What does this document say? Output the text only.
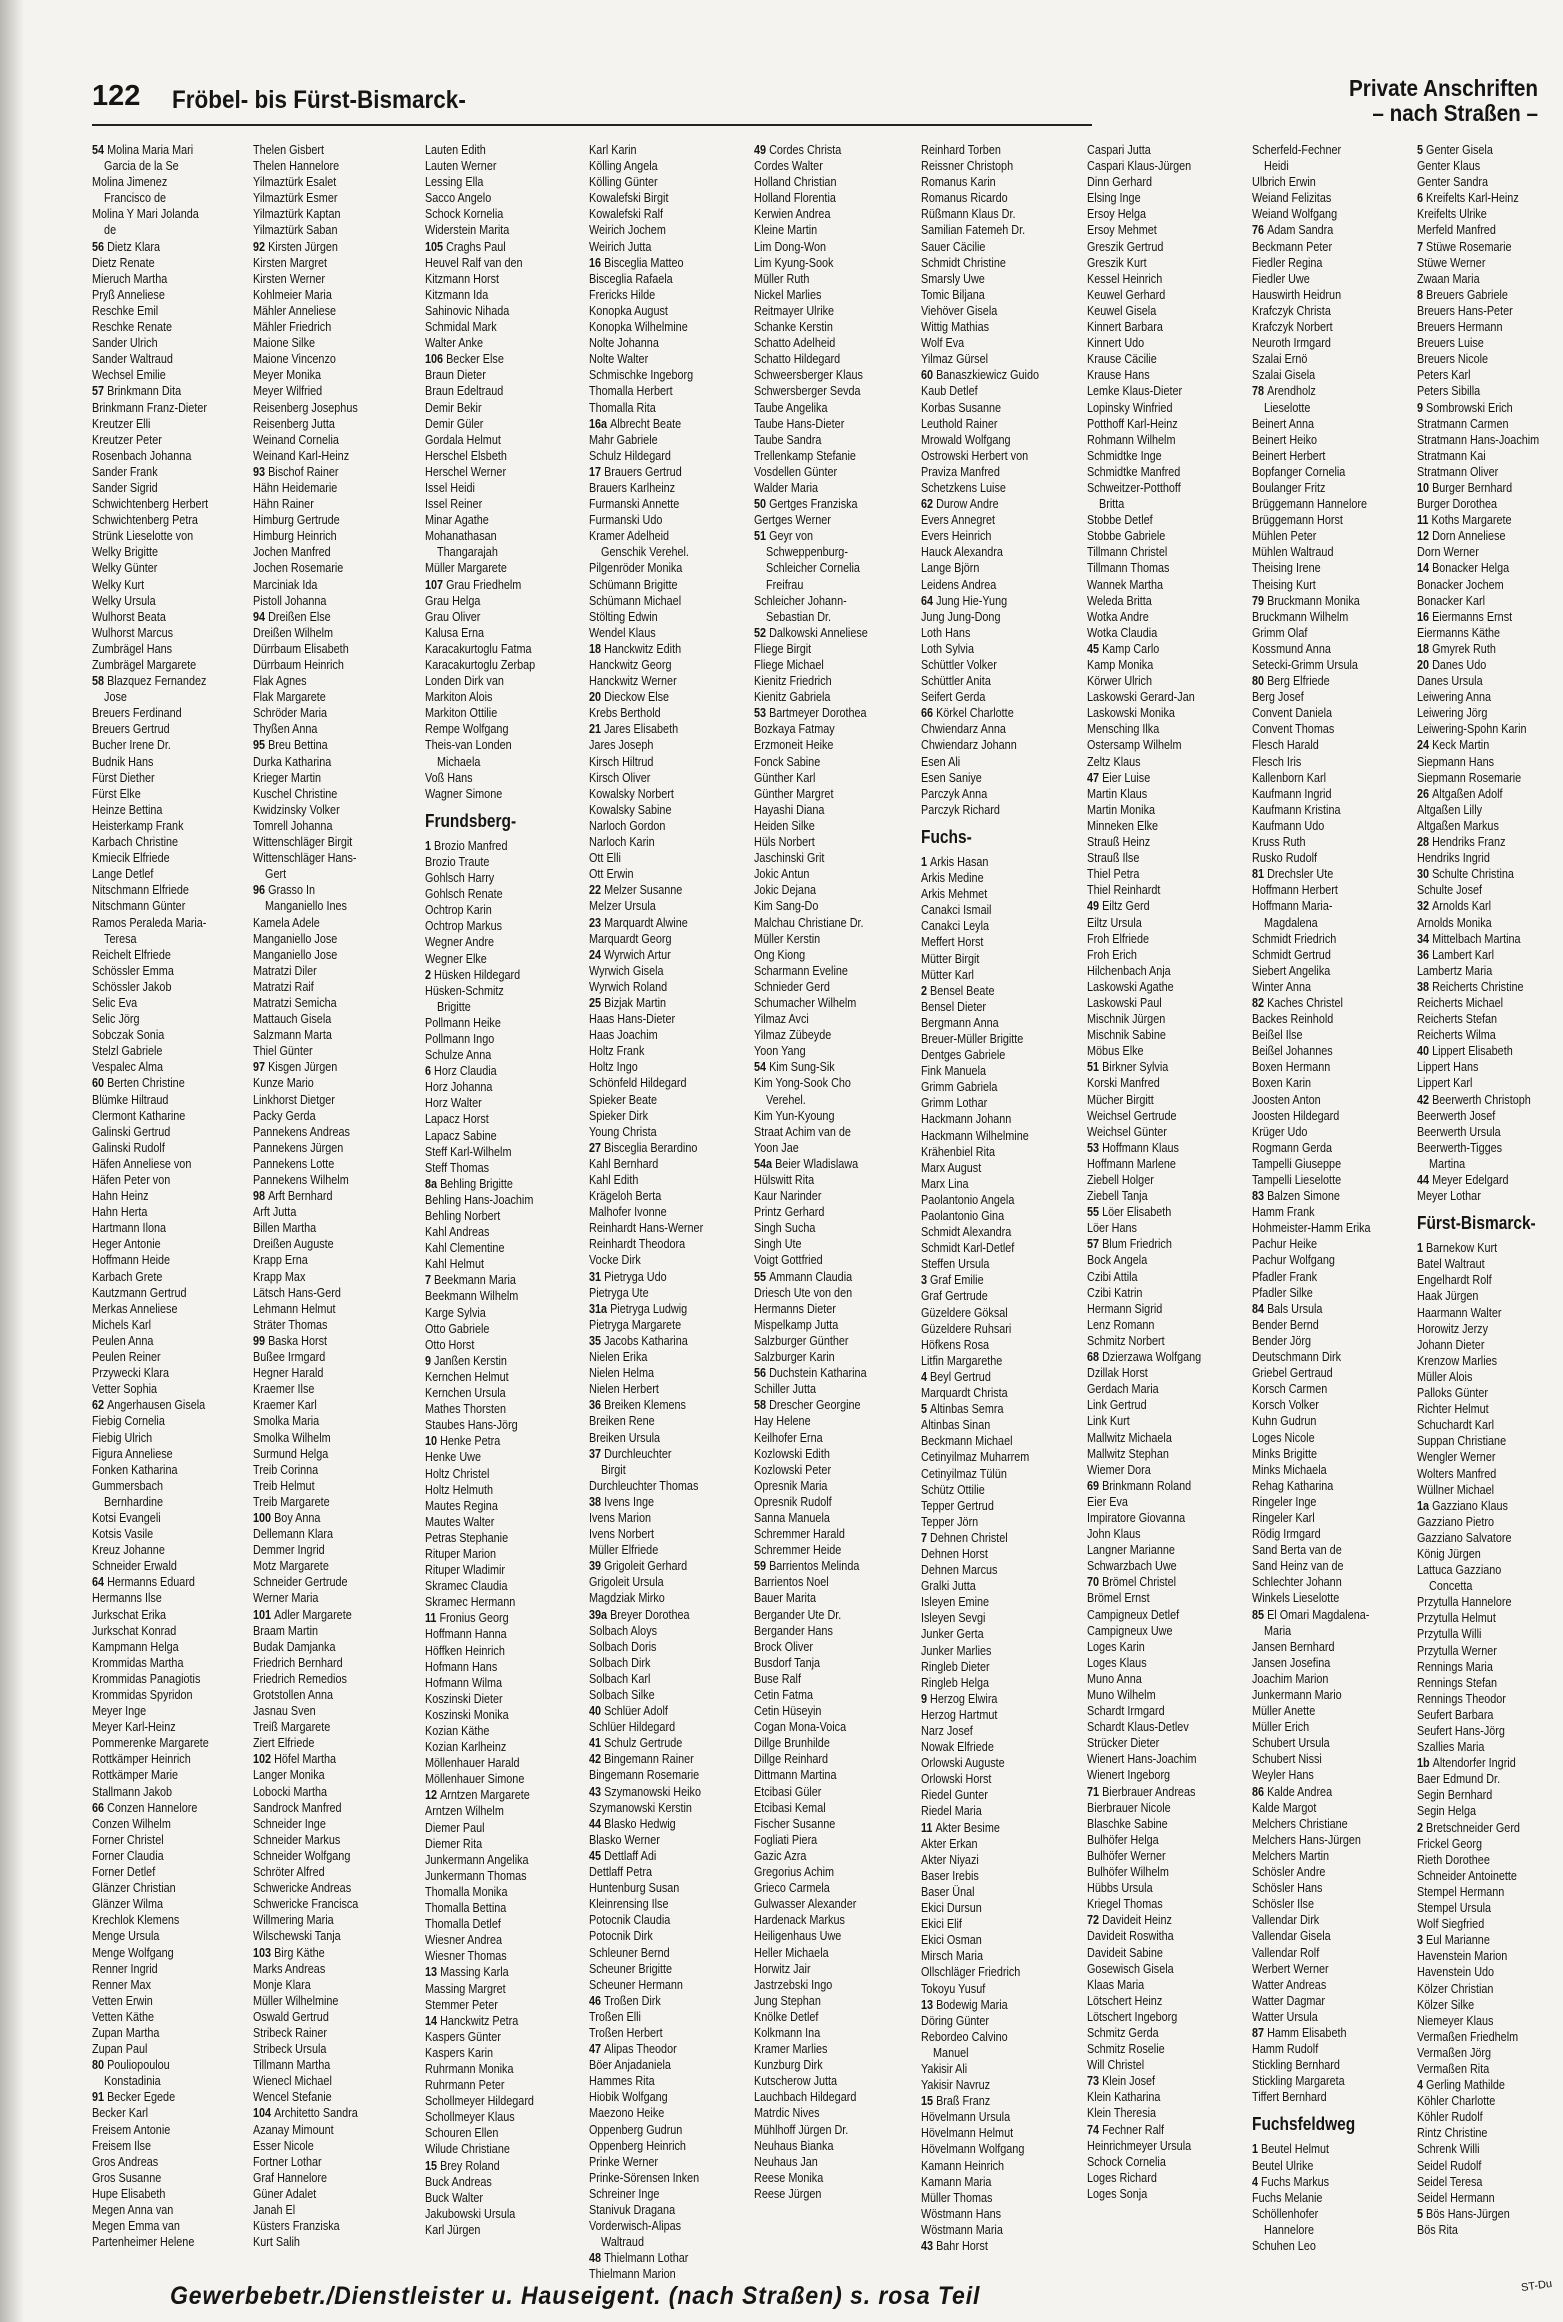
122 Fröbel- bis Fürst-Bismarck-	Private Anschriften
– nach Straßen –
54 Molina Maria Mari
Garcia de la Se
Molina Jimenez
Francisco de
Molina Y Mari Jolanda
de
56 Dietz Klara
Dietz Renate
Mieruch Martha
Pryß Anneliese
Reschke Emil
Reschke Renate
Sander Ulrich
Sander Waltraud
Wechsel Emilie
57 Brinkmann Dita
Brinkmann Franz-Dieter
Kreutzer Elli
Kreutzer Peter
Rosenbach Johanna
Sander Frank
Sander Sigrid
Schwichtenberg Herbert
Schwichtenberg Petra
Strünk Lieselotte von
Welky Brigitte
Welky Günter
Welky Kurt
Welky Ursula
Wulhorst Beata
Wulhorst Marcus
Zumbrägel Hans
Zumbrägel Margarete
58 Blazquez Fernandez
Jose
Breuers Ferdinand
Breuers Gertrud
Bucher Irene Dr.
Budnik Hans
Fürst Diether
Fürst Elke
Heinze Bettina
Heisterkamp Frank
Karbach Christine
Kmiecik Elfriede
Lange Detlef
Nitschmann Elfriede
Nitschmann Günter
Ramos Peraleda Maria-
Teresa
Reichelt Elfriede
Schössler Emma
Schössler Jakob
Selic Eva
Selic Jörg
Sobczak Sonia
Stelzl Gabriele
Vespalec Alma
60 Berten Christine
Blümke Hiltraud
Clermont Katharine
Galinski Gertrud
Galinski Rudolf
Häfen Anneliese von
Häfen Peter von
Hahn Heinz
Hahn Herta
Hartmann Ilona
Heger Antonie
Hoffmann Heide
Karbach Grete
Kautzmann Gertrud
Merkas Anneliese
Michels Karl
Peulen Anna
Peulen Reiner
Przywecki Klara
Vetter Sophia
62 Angerhausen Gisela
Fiebig Cornelia
Fiebig Ulrich
Figura Anneliese
Fonken Katharina
Gummersbach
Bernhardine
Kotsi Evangeli
Kotsis Vasile
Kreuz Johanne
Schneider Erwald
64 Hermanns Eduard
Hermanns Ilse
Jurkschat Erika
Jurkschat Konrad
Kampmann Helga
Krommidas Martha
Krommidas Panagiotis
Krommidas Spyridon
Meyer Inge
Meyer Karl-Heinz
Pommerenke Margarete
Rottkämper Heinrich
Rottkämper Marie
Stallmann Jakob
66 Conzen Hannelore
Conzen Wilhelm
Forner Christel
Forner Claudia
Forner Detlef
Glänzer Christian
Glänzer Wilma
Krechlok Klemens
Menge Ursula
Menge Wolfgang
Renner Ingrid
Renner Max
Vetten Erwin
Vetten Käthe
Zupan Martha
Zupan Paul
80 Pouliopoulou
Konstadinia
91 Becker Egede
Becker Karl
Freisem Antonie
Freisem Ilse
Gros Andreas
Gros Susanne
Hupe Elisabeth
Megen Anna van
Megen Emma van
Partenheimer Helene
Thelen Gisbert
Thelen Hannelore
Yilmaztürk Esalet
Yilmaztürk Esmer
Yilmaztürk Kaptan
Yilmaztürk Saban
92 Kirsten Jürgen
Kirsten Margret
Kirsten Werner
Kohlmeier Maria
Mähler Anneliese
Mähler Friedrich
Maione Silke
Maione Vincenzo
Meyer Monika
Meyer Wilfried
Reisenberg Josephus
Reisenberg Jutta
Weinand Cornelia
Weinand Karl-Heinz
93 Bischof Rainer
Hähn Heidemarie
Hähn Rainer
Himburg Gertrude
Himburg Heinrich
Jochen Manfred
Jochen Rosemarie
Marciniak Ida
Pistoll Johanna
94 Dreißen Else
Dreißen Wilhelm
Dürrbaum Elisabeth
Dürrbaum Heinrich
Flak Agnes
Flak Margarete
Schröder Maria
Thyßen Anna
95 Breu Bettina
Durka Katharina
Krieger Martin
Kuschel Christine
Kwidzinsky Volker
Tomrell Johanna
Wittenschläger Birgit
Wittenschläger Hans-
Gert
96 Grasso In
Manganiello Ines
Kamela Adele
Manganiello Jose
Manganiello Jose
Matratzi Diler
Matratzi Raif
Matratzi Semicha
Mattauch Gisela
Salzmann Marta
Thiel Günter
97 Kisgen Jürgen
Kunze Mario
Linkhorst Dietger
Packy Gerda
Pannekens Andreas
Pannekens Jürgen
Pannekens Lotte
Pannekens Wilhelm
98 Arft Bernhard
Arft Jutta
Billen Martha
Dreißen Auguste
Krapp Erna
Krapp Max
Lätsch Hans-Gerd
Lehmann Helmut
Sträter Thomas
99 Baska Horst
Bußee Irmgard
Hegner Harald
Kraemer Ilse
Kraemer Karl
Smolka Maria
Smolka Wilhelm
Surmund Helga
Treib Corinna
Treib Helmut
Treib Margarete
100 Boy Anna
Dellemann Klara
Demmer Ingrid
Motz Margarete
Schneider Gertrude
Werner Maria
101 Adler Margarete
Braam Martin
Budak Damjanka
Friedrich Bernhard
Friedrich Remedios
Grotstollen Anna
Jasnau Sven
Treiß Margarete
Ziert Elfriede
102 Höfel Martha
Langer Monika
Lobocki Martha
Sandrock Manfred
Schneider Inge
Schneider Markus
Schneider Wolfgang
Schröter Alfred
Schwericke Andreas
Schwericke Francisca
Willmering Maria
Wilschewski Tanja
103 Birg Käthe
Marks Andreas
Monje Klara
Müller Wilhelmine
Oswald Gertrud
Stribeck Rainer
Stribeck Ursula
Tillmann Martha
Wienecl Michael
Wencel Stefanie
104 Architetto Sandra
Azanay Mimount
Esser Nicole
Fortner Lothar
Graf Hannelore
Güner Adalet
Janah El
Küsters Franziska
Kurt Salih
Lauten Edith
Lauten Werner
Lessing Ella
Sacco Angelo
Schock Kornelia
Widerstein Marita
105 Craghs Paul
Heuvel Ralf van den
Kitzmann Horst
Kitzmann Ida
Sahinovic Nihada
Schmidal Mark
Walter Anke
106 Becker Else
Braun Dieter
Braun Edeltraud
Demir Bekir
Demir Güler
Gordala Helmut
Herschel Elsbeth
Herschel Werner
Issel Heidi
Issel Reiner
Minar Agathe
Mohanathasan
Thangarajah
Müller Margarete
107 Grau Friedhelm
Grau Helga
Grau Oliver
Kalusa Erna
Karacakurtoglu Fatma
Karacakurtoglu Zerbap
Londen Dirk van
Markiton Alois
Markiton Ottilie
Rempe Wolfgang
Theis-van Londen
Michaela
Voß Hans
Wagner Simone
Frundsberg-
1 Brozio Manfred
Brozio Traute
Gohlsch Harry
Gohlsch Renate
Ochtrop Karin
Ochtrop Markus
Wegner Andre
Wegner Elke
2 Hüsken Hildegard
Hüsken-Schmitz
Brigitte
Pollmann Heike
Pollmann Ingo
Schulze Anna
6 Horz Claudia
Horz Johanna
Horz Walter
Lapacz Horst
Lapacz Sabine
Steff Karl-Wilhelm
Steff Thomas
8a Behling Brigitte
Behling Hans-Joachim
Behling Norbert
Kahl Andreas
Kahl Clementine
Kahl Helmut
7 Beekmann Maria
Beekmann Wilhelm
Karge Sylvia
Otto Gabriele
Otto Horst
9 Janßen Kerstin
Kernchen Helmut
Kernchen Ursula
Mathes Thorsten
Staubes Hans-Jörg
10 Henke Petra
Henke Uwe
Holtz Christel
Holtz Helmuth
Mautes Regina
Mautes Walter
Petras Stephanie
Rituper Marion
Rituper Wladimir
Skramec Claudia
Skramec Hermann
11 Fronius Georg
Hoffmann Hanna
Höffken Heinrich
Hofmann Hans
Hofmann Wilma
Koszinski Dieter
Koszinski Monika
Kozian Käthe
Kozian Karlheinz
Möllenhauer Harald
Möllenhauer Simone
12 Arntzen Margarete
Arntzen Wilhelm
Diemer Paul
Diemer Rita
Junkermann Angelika
Junkermann Thomas
Thomalla Monika
Thomalla Bettina
Thomalla Detlef
Wiesner Andrea
Wiesner Thomas
13 Massing Karla
Massing Margret
Stemmer Peter
14 Hanckwitz Petra
Kaspers Günter
Kaspers Karin
Ruhrmann Monika
Ruhrmann Peter
Schollmeyer Hildegard
Schollmeyer Klaus
Schouren Ellen
Wilude Christiane
15 Brey Roland
Buck Andreas
Buck Walter
Jakubowski Ursula
Karl Jürgen
Karl Karin
Kölling Angela
Kölling Günter
Kowalefski Birgit
Kowalefski Ralf
Weirich Jochem
Weirich Jutta
16 Bisceglia Matteo
Bisceglia Rafaela
Frericks Hilde
Konopka August
Konopka Wilhelmine
Nolte Johanna
Nolte Walter
Schmischke Ingeborg
Thomalla Herbert
Thomalla Rita
16a Albrecht Beate
Mahr Gabriele
Schulz Hildegard
17 Brauers Gertrud
Brauers Karlheinz
Furmanski Annette
Furmanski Udo
Kramer Adelheid
Genschik Verehel.
Pilgenröder Monika
Schümann Brigitte
Schümann Michael
Stölting Edwin
Wendel Klaus
18 Hanckwitz Edith
Hanckwitz Georg
Hanckwitz Werner
20 Dieckow Else
Krebs Berthold
21 Jares Elisabeth
Jares Joseph
Kirsch Hiltrud
Kirsch Oliver
Kowalsky Norbert
Kowalsky Sabine
Narloch Gordon
Narloch Karin
Ott Elli
Ott Erwin
22 Melzer Susanne
Melzer Ursula
23 Marquardt Alwine
Marquardt Georg
24 Wyrwich Artur
Wyrwich Gisela
Wyrwich Roland
25 Bizjak Martin
Haas Hans-Dieter
Haas Joachim
Holtz Frank
Holtz Ingo
Schönfeld Hildegard
Spieker Beate
Spieker Dirk
Young Christa
27 Bisceglia Berardino
Kahl Bernhard
Kahl Edith
Krägeloh Berta
Malhofer Ivonne
Reinhardt Hans-Werner
Reinhardt Theodora
Vocke Dirk
31 Pietryga Udo
Pietryga Ute
31a Pietryga Ludwig
Pietryga Margarete
35 Jacobs Katharina
Nielen Erika
Nielen Helma
Nielen Herbert
36 Breiken Klemens
Breiken Rene
Breiken Ursula
37 Durchleuchter
Birgit
Durchleuchter Thomas
38 Ivens Inge
Ivens Marion
Ivens Norbert
Müller Elfriede
39 Grigoleit Gerhard
Grigoleit Ursula
Magdziak Mirko
39a Breyer Dorothea
Solbach Aloys
Solbach Doris
Solbach Dirk
Solbach Karl
Solbach Silke
40 Schlüer Adolf
Schlüer Hildegard
41 Schulz Gertrude
42 Bingemann Rainer
Bingemann Rosemarie
43 Szymanowski Heiko
Szymanowski Kerstin
44 Blasko Hedwig
Blasko Werner
45 Dettlaff Adi
Dettlaff Petra
Huntenburg Susan
Kleinrensing Ilse
Potocnik Claudia
Potocnik Dirk
Schleuner Bernd
Scheuner Brigitte
Scheuner Hermann
46 Troßen Dirk
Troßen Elli
Troßen Herbert
47 Alipas Theodor
Böer Anjadaniela
Hammes Rita
Hiobik Wolfgang
Maezono Heike
Oppenberg Gudrun
Oppenberg Heinrich
Prinke Werner
Prinke-Sörensen Inken
Schreiner Inge
Stanivuk Dragana
Vorderwisch-Alipas
Waltraud
48 Thielmann Lothar
Thielmann Marion
49 Cordes Christa
Cordes Walter
Holland Christian
Holland Florentia
Kerwien Andrea
Kleine Martin
Lim Dong-Won
Lim Kyung-Sook
Müller Ruth
Nickel Marlies
Reitmayer Ulrike
Schanke Kerstin
Schatto Adelheid
Schatto Hildegard
Schweersberger Klaus
Schwersberger Sevda
Taube Angelika
Taube Hans-Dieter
Taube Sandra
Trellenkamp Stefanie
Vosdellen Günter
Walder Maria
50 Gertges Franziska
Gertges Werner
51 Geyr von
Schweppenburg-
Schleicher Cornelia
Freifrau
Schleicher Johann-
Sebastian Dr.
52 Dalkowski Anneliese
Fliege Birgit
Fliege Michael
Kienitz Friedrich
Kienitz Gabriela
53 Bartmeyer Dorothea
Bozkaya Fatmay
Erzmoneit Heike
Fonck Sabine
Günther Karl
Günther Margret
Hayashi Diana
Heiden Silke
Hüls Norbert
Jaschinski Grit
Jokic Antun
Jokic Dejana
Kim Sang-Do
Malchau Christiane Dr.
Müller Kerstin
Ong Kiong
Scharmann Eveline
Schnieder Gerd
Schumacher Wilhelm
Yilmaz Avci
Yilmaz Zübeyde
Yoon Yang
54 Kim Sung-Sik
Kim Yong-Sook Cho
Verehel.
Kim Yun-Kyoung
Straat Achim van de
Yoon Jae
54a Beier Wladislawa
Hülswitt Rita
Kaur Narinder
Printz Gerhard
Singh Sucha
Singh Ute
Voigt Gottfried
55 Ammann Claudia
Driesch Ute von den
Hermanns Dieter
Mispelkamp Jutta
Salzburger Günther
Salzburger Karin
56 Duchstein Katharina
Schiller Jutta
58 Drescher Georgine
Hay Helene
Keilhofer Erna
Kozlowski Edith
Kozlowski Peter
Opresnik Maria
Opresnik Rudolf
Sanna Manuela
Schremmer Harald
Schremmer Heide
59 Barrientos Melinda
Barrientos Noel
Bauer Marita
Bergander Ute Dr.
Bergander Hans
Brock Oliver
Busdorf Tanja
Buse Ralf
Cetin Fatma
Cetin Hüseyin
Cogan Mona-Voica
Dillge Brunhilde
Dillge Reinhard
Dittmann Martina
Etcibasi Güler
Etcibasi Kemal
Fischer Susanne
Fogliati Piera
Gazic Azra
Gregorius Achim
Grieco Carmela
Gulwasser Alexander
Hardenack Markus
Heiligenhaus Uwe
Heller Michaela
Horwitz Jair
Jastrzebski Ingo
Jung Stephan
Knölke Detlef
Kolkmann Ina
Kramer Marlies
Kunzburg Dirk
Kutscherow Jutta
Lauchbach Hildegard
Matrdic Nives
Mühlhoff Jürgen Dr.
Neuhaus Bianka
Neuhaus Jan
Reese Monika
Reese Jürgen
Reinhard Torben
Reissner Christoph
Romanus Karin
Romanus Ricardo
Rüßmann Klaus Dr.
Samilian Fatemeh Dr.
Sauer Cäcilie
Schmidt Christine
Smarsly Uwe
Tomic Biljana
Viehöver Gisela
Wittig Mathias
Wolf Eva
Yilmaz Gürsel
60 Banaszkiewicz Guido
Kaub Detlef
Korbas Susanne
Leuthold Rainer
Mrowald Wolfgang
Ostrowski Herbert von
Praviza Manfred
Schetzkens Luise
62 Durow Andre
Evers Annegret
Evers Heinrich
Hauck Alexandra
Lange Björn
Leidens Andrea
64 Jung Hie-Yung
Jung Jung-Dong
Loth Hans
Loth Sylvia
Schüttler Volker
Schüttler Anita
Seifert Gerda
66 Körkel Charlotte
Chwiendarz Anna
Chwiendarz Johann
Esen Ali
Esen Saniye
Parczyk Anna
Parczyk Richard
Fuchs-
1 Arkis Hasan
Arkis Medine
Arkis Mehmet
Canakci Ismail
Canakci Leyla
Meffert Horst
Mütter Birgit
Mütter Karl
2 Bensel Beate
Bensel Dieter
Bergmann Anna
Breuer-Müller Brigitte
Dentges Gabriele
Fink Manuela
Grimm Gabriela
Grimm Lothar
Hackmann Johann
Hackmann Wilhelmine
Krähenbiel Rita
Marx August
Marx Lina
Paolantonio Angela
Paolantonio Gina
Schmidt Alexandra
Schmidt Karl-Detlef
Steffen Ursula
3 Graf Emilie
Graf Gertrude
Güzeldere Göksal
Güzeldere Ruhsari
Höfkens Rosa
Litfin Margarethe
4 Beyl Gertrud
Marquardt Christa
5 Altinbas Semra
Altinbas Sinan
Beckmann Michael
Cetinyilmaz Muharrem
Cetinyilmaz Tülün
Schütz Ottilie
Tepper Gertrud
Tepper Jörn
7 Dehnen Christel
Dehnen Horst
Dehnen Marcus
Gralki Jutta
Isleyen Emine
Isleyen Sevgi
Junker Gerta
Junker Marlies
Ringleb Dieter
Ringleb Helga
9 Herzog Elwira
Herzog Hartmut
Narz Josef
Nowak Elfriede
Orlowski Auguste
Orlowski Horst
Riedel Gunter
Riedel Maria
11 Akter Besime
Akter Erkan
Akter Niyazi
Baser Irebis
Baser Ünal
Ekici Dursun
Ekici Elif
Ekici Osman
Mirsch Maria
Ollschläger Friedrich
Tokoyu Yusuf
13 Bodewig Maria
Döring Günter
Rebordeo Calvino
Manuel
Yakisir Ali
Yakisir Navruz
15 Braß Franz
Hövelmann Ursula
Hövelmann Helmut
Hövelmann Wolfgang
Kamann Heinrich
Kamann Maria
Müller Thomas
Wöstmann Hans
Wöstmann Maria
43 Bahr Horst
Caspari Jutta
Caspari Klaus-Jürgen
Dinn Gerhard
Elsing Inge
Ersoy Helga
Ersoy Mehmet
Greszik Gertrud
Greszik Kurt
Kessel Heinrich
Keuwel Gerhard
Keuwel Gisela
Kinnert Barbara
Kinnert Udo
Krause Cäcilie
Krause Hans
Lemke Klaus-Dieter
Lopinsky Winfried
Potthoff Karl-Heinz
Rohmann Wilhelm
Schmidtke Inge
Schmidtke Manfred
Schweitzer-Potthoff
Britta
Stobbe Detlef
Stobbe Gabriele
Tillmann Christel
Tillmann Thomas
Wannek Martha
Weleda Britta
Wotka Andre
Wotka Claudia
45 Kamp Carlo
Kamp Monika
Körwer Ulrich
Laskowski Gerard-Jan
Laskowski Monika
Mensching Ilka
Ostersamp Wilhelm
Zeltz Klaus
47 Eier Luise
Martin Klaus
Martin Monika
Minneken Elke
Strauß Heinz
Strauß Ilse
Thiel Petra
Thiel Reinhardt
49 Eiltz Gerd
Eiltz Ursula
Froh Elfriede
Froh Erich
Hilchenbach Anja
Laskowski Agathe
Laskowski Paul
Mischnik Jürgen
Mischnik Sabine
Möbus Elke
51 Birkner Sylvia
Korski Manfred
Mücher Birgitt
Weichsel Gertrude
Weichsel Günter
53 Hoffmann Klaus
Hoffmann Marlene
Ziebell Holger
Ziebell Tanja
55 Löer Elisabeth
Löer Hans
57 Blum Friedrich
Bock Angela
Czibi Attila
Czibi Katrin
Hermann Sigrid
Lenz Romann
Schmitz Norbert
68 Dzierzawa Wolfgang
Dzillak Horst
Gerdach Maria
Link Gertrud
Link Kurt
Mallwitz Michaela
Mallwitz Stephan
Wiemer Dora
69 Brinkmann Roland
Eier Eva
Impiratore Giovanna
John Klaus
Langner Marianne
Schwarzbach Uwe
70 Brömel Christel
Brömel Ernst
Campigneux Detlef
Campigneux Uwe
Loges Karin
Loges Klaus
Muno Anna
Muno Wilhelm
Schardt Irmgard
Schardt Klaus-Detlev
Strücker Dieter
Wienert Hans-Joachim
Wienert Ingeborg
71 Bierbrauer Andreas
Bierbrauer Nicole
Blaschke Sabine
Bulhöfer Helga
Bulhöfer Werner
Bulhöfer Wilhelm
Hübbs Ursula
Kriegel Thomas
72 Davideit Heinz
Davideit Roswitha
Davideit Sabine
Gosewisch Gisela
Klaas Maria
Lötschert Heinz
Lötschert Ingeborg
Schmitz Gerda
Schmitz Roselie
Will Christel
73 Klein Josef
Klein Katharina
Klein Theresia
74 Fechner Ralf
Heinrichmeyer Ursula
Schock Cornelia
Loges Richard
Loges Sonja
Scherfeld-Fechner
Heidi
Ulbrich Erwin
Weiand Felizitas
Weiand Wolfgang
76 Adam Sandra
Beckmann Peter
Fiedler Regina
Fiedler Uwe
Hauswirth Heidrun
Krafczyk Christa
Krafczyk Norbert
Neuroth Irmgard
Szalai Ernö
Szalai Gisela
78 Arendholz
Lieselotte
Beinert Anna
Beinert Heiko
Beinert Herbert
Bopfanger Cornelia
Boulanger Fritz
Brüggemann Hannelore
Brüggemann Horst
Mühlen Peter
Mühlen Waltraud
Theising Irene
Theising Kurt
79 Bruckmann Monika
Bruckmann Wilhelm
Grimm Olaf
Kossmund Anna
Setecki-Grimm Ursula
80 Berg Elfriede
Berg Josef
Convent Daniela
Convent Thomas
Flesch Harald
Flesch Iris
Kallenborn Karl
Kaufmann Ingrid
Kaufmann Kristina
Kaufmann Udo
Kruss Ruth
Rusko Rudolf
81 Drechsler Ute
Hoffmann Herbert
Hoffmann Maria-
Magdalena
Schmidt Friedrich
Schmidt Gertrud
Siebert Angelika
Winter Anna
82 Kaches Christel
Backes Reinhold
Beißel Ilse
Beißel Johannes
Boxen Hermann
Boxen Karin
Joosten Anton
Joosten Hildegard
Krüger Udo
Rogmann Gerda
Tampelli Giuseppe
Tampelli Lieselotte
83 Balzen Simone
Hamm Frank
Hohmeister-Hamm Erika
Pachur Heike
Pachur Wolfgang
Pfadler Frank
Pfadler Silke
84 Bals Ursula
Bender Bernd
Bender Jörg
Deutschmann Dirk
Griebel Gertraud
Korsch Carmen
Korsch Volker
Kuhn Gudrun
Loges Nicole
Minks Brigitte
Minks Michaela
Rehag Katharina
Ringeler Inge
Ringeler Karl
Rödig Irmgard
Sand Berta van de
Sand Heinz van de
Schlechter Johann
Winkels Lieselotte
85 El Omari Magdalena-
Maria
Jansen Bernhard
Jansen Josefina
Joachim Marion
Junkermann Mario
Müller Anette
Müller Erich
Schubert Ursula
Schubert Nissi
Weyler Hans
86 Kalde Andrea
Kalde Margot
Melchers Christiane
Melchers Hans-Jürgen
Melchers Martin
Schösler Andre
Schösler Hans
Schösler Ilse
Vallendar Dirk
Vallendar Gisela
Vallendar Rolf
Werbert Werner
Watter Andreas
Watter Dagmar
Watter Ursula
87 Hamm Elisabeth
Hamm Rudolf
Stickling Bernhard
Stickling Margareta
Tiffert Bernhard
Fuchsfeldweg
1 Beutel Helmut
Beutel Ulrike
4 Fuchs Markus
Fuchs Melanie
Schöllenhofer
Hannelore
Schuhen Leo
5 Genter Gisela
Genter Klaus
Genter Sandra
6 Kreifelts Karl-Heinz
Kreifelts Ulrike
Merfeld Manfred
7 Stüwe Rosemarie
Stüwe Werner
Zwaan Maria
8 Breuers Gabriele
Breuers Hans-Peter
Breuers Hermann
Breuers Luise
Breuers Nicole
Peters Karl
Peters Sibilla
9 Sombrowski Erich
Stratmann Carmen
Stratmann Hans-Joachim
Stratmann Kai
Stratmann Oliver
10 Burger Bernhard
Burger Dorothea
11 Koths Margarete
12 Dorn Anneliese
Dorn Werner
14 Bonacker Helga
Bonacker Jochem
Bonacker Karl
16 Eiermanns Ernst
Eiermanns Käthe
18 Gmyrek Ruth
20 Danes Udo
Danes Ursula
Leiwering Anna
Leiwering Jörg
Leiwering-Spohn Karin
24 Keck Martin
Siepmann Hans
Siepmann Rosemarie
26 Altgaßen Adolf
Altgaßen Lilly
Altgaßen Markus
28 Hendriks Franz
Hendriks Ingrid
30 Schulte Christina
Schulte Josef
32 Arnolds Karl
Arnolds Monika
34 Mittelbach Martina
36 Lambert Karl
Lambertz Maria
38 Reicherts Christine
Reicherts Michael
Reicherts Stefan
Reicherts Wilma
40 Lippert Elisabeth
Lippert Hans
Lippert Karl
42 Beerwerth Christoph
Beerwerth Josef
Beerwerth Ursula
Beerwerth-Tigges
Martina
44 Meyer Edelgard
Meyer Lothar
Fürst-Bismarck-
1 Barnekow Kurt
Batel Waltraut
Engelhardt Rolf
Haak Jürgen
Haarmann Walter
Horowitz Jerzy
Johann Dieter
Krenzow Marlies
Müller Alois
Palloks Günter
Richter Helmut
Schuchardt Karl
Suppan Christiane
Wengler Werner
Wolters Manfred
Wüllner Michael
1a Gazziano Klaus
Gazziano Pietro
Gazziano Salvatore
König Jürgen
Lattuca Gazziano
Concetta
Przytulla Hannelore
Przytulla Helmut
Przytulla Willi
Przytulla Werner
Rennings Maria
Rennings Stefan
Rennings Theodor
Seufert Barbara
Seufert Hans-Jörg
Szallies Maria
1b Altendorfer Ingrid
Baer Edmund Dr.
Segin Bernhard
Segin Helga
2 Bretschneider Gerd
Frickel Georg
Rieth Dorothee
Schneider Antoinette
Stempel Hermann
Stempel Ursula
Wolf Siegfried
3 Eul Marianne
Havenstein Marion
Havenstein Udo
Kölzer Christian
Kölzer Silke
Niemeyer Klaus
Vermaßen Friedhelm
Vermaßen Jörg
Vermaßen Rita
4 Gerling Mathilde
Köhler Charlotte
Köhler Rudolf
Rintz Christine
Schrenk Willi
Seidel Rudolf
Seidel Teresa
Seidel Hermann
5 Bös Hans-Jürgen
Bös Rita
Gewerbebetr./Dienstleister u. Hauseigent. (nach Straßen) s. rosa Teil	ST-Du
